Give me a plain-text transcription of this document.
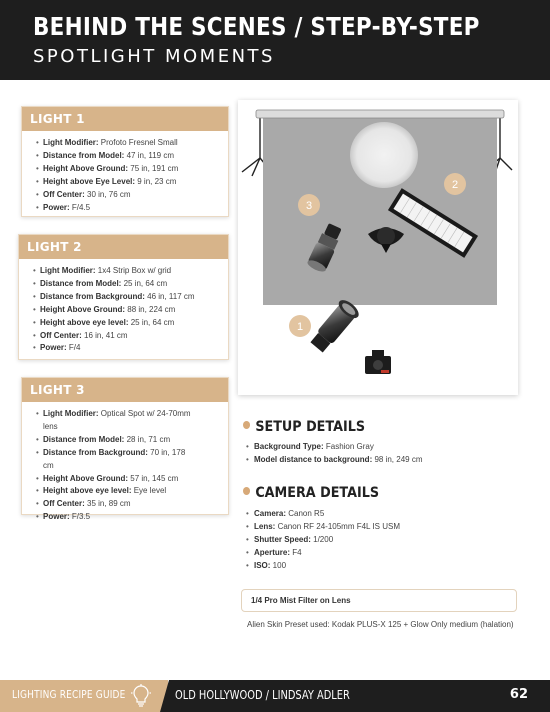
BEHIND THE SCENES / STEP-BY-STEP
SPOTLIGHT MOMENTS
LIGHT 1
• Light Modifier: Profoto Fresnel Small
• Distance from Model: 47 in, 119 cm
• Height Above Ground: 75 in, 191 cm
• Height above Eye Level: 9 in, 23 cm
• Off Center: 30 in, 76 cm
• Power: F/4.5
LIGHT 2
• Light Modifier: 1x4 Strip Box w/ grid
• Distance from Model: 25 in, 64 cm
• Distance from Background: 46 in, 117 cm
• Height Above Ground: 88 in, 224 cm
• Height above eye level: 25 in, 64 cm
• Off Center: 16 in, 41 cm
• Power: F/4
LIGHT 3
• Light Modifier: Optical Spot w/ 24-70mm lens
• Distance from Model: 28 in, 71 cm
• Distance from Background: 70 in, 178 cm
• Height Above Ground: 57 in, 145 cm
• Height above eye level: Eye level
• Off Center: 35 in, 89 cm
• Power: F/3.5
1
2
3
SETUP DETAILS
• Background Type: Fashion Gray
• Model distance to background: 98 in, 249 cm
CAMERA DETAILS
• Camera: Canon R5
• Lens: Canon RF 24-105mm F4L IS USM
• Shutter Speed: 1/200
• Aperture: F4
• ISO: 100
1/4 Pro Mist Filter on Lens
Alien Skin Preset used: Kodak PLUS-X 125 + Glow Only medium (halation)
LIGHTING RECIPE GUIDE	OLD HOLLYWOOD / LINDSAY ADLER	62
